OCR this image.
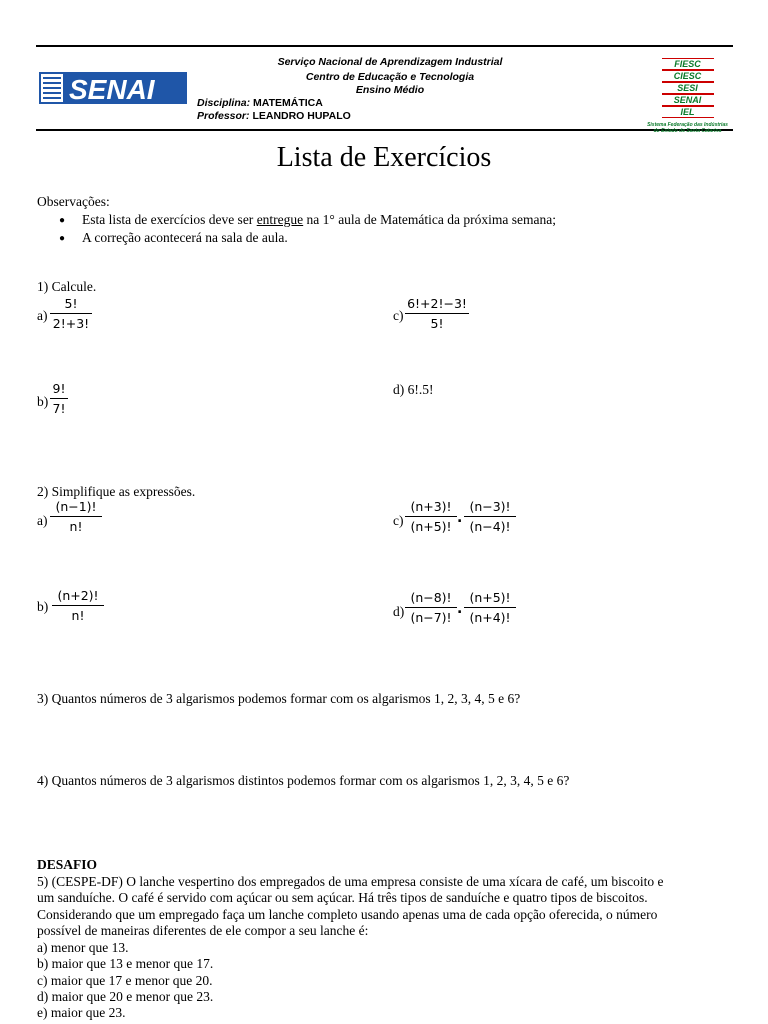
SENAI
Serviço Nacional de Aprendizagem Industrial
Centro de Educação e Tecnologia
Ensino Médio
Disciplina: MATEMÁTICA
Professor: LEANDRO HUPALO
FIESC
CIESC
SESI
SENAI
IEL
Sistema Federação das Indústrias
do Estado de Santa Catarina
Lista de Exercícios
Observações:
● Esta lista de exercícios deve ser entregue na 1° aula de Matemática da próxima semana;
● A correção acontecerá na sala de aula.
1) Calcule.
$a) \frac{5!}{2!+3!}$	$c) \frac{6!+2!-3!}{5!}$
$b) \frac{9!}{7!}$	d) 6!.5!
2) Simplifique as expressões.
$a) \frac{(n-1)!}{n!}$	$c) \frac{(n+3)!}{(n+5)!}$ . $\frac{(n-3)!}{(n-4)!}$
$b) \frac{(n+2)!}{n!}$	$d) \frac{(n-8)!}{(n-7)!}$ . $\frac{(n+5)!}{(n+4)!}$
3) Quantos números de 3 algarismos podemos formar com os algarismos 1, 2, 3, 4, 5 e 6?
4) Quantos números de 3 algarismos distintos podemos formar com os algarismos 1, 2, 3, 4, 5 e 6?
DESAFIO
5) (CESPE-DF) O lanche vespertino dos empregados de uma empresa consiste de uma xícara de café, um biscoito e
um sanduíche. O café é servido com açúcar ou sem açúcar. Há três tipos de sanduíche e quatro tipos de biscoitos.
Considerando que um empregado faça um lanche completo usando apenas uma de cada opção oferecida, o número
possível de maneiras diferentes de ele compor a seu lanche é:
a) menor que 13.
b) maior que 13 e menor que 17.
c) maior que 17 e menor que 20.
d) maior que 20 e menor que 23.
e) maior que 23.
